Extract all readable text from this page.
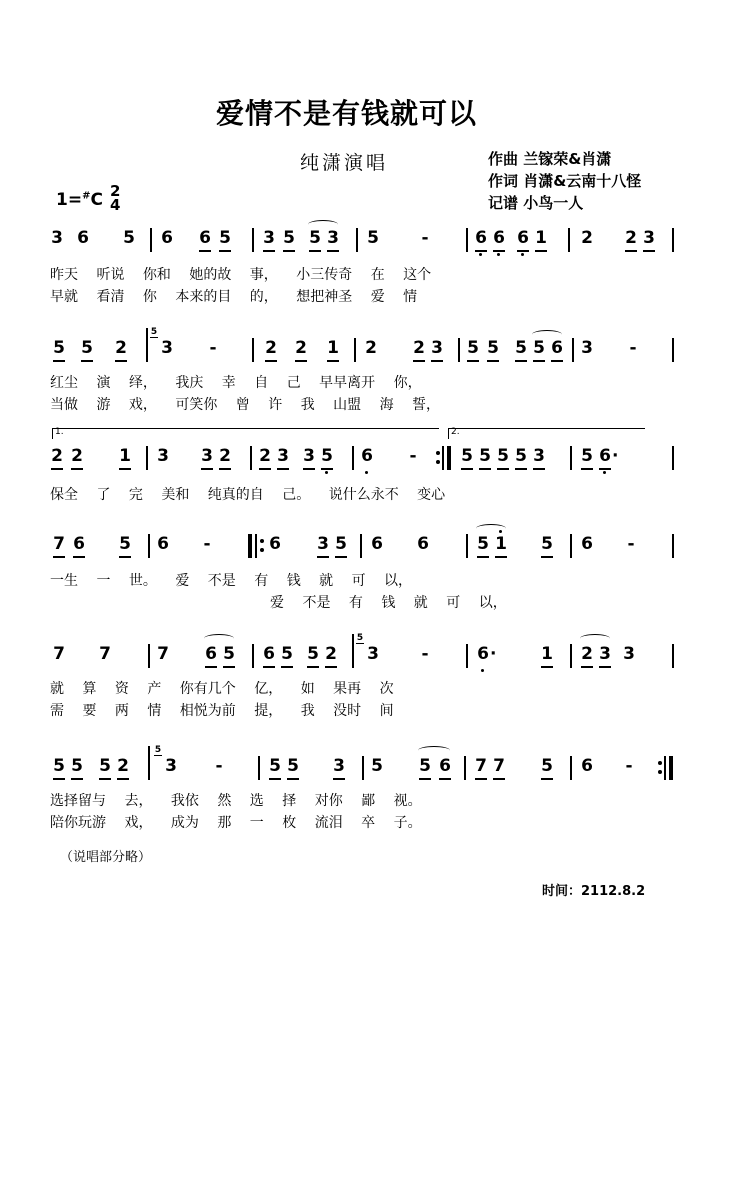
爱情不是有钱就可以
纯潇演唱	作曲 兰镓荣&肖潇
作词 肖潇&云南十八怪
记谱 小鸟一人
1=#C 2
4
3 6 5 6 6 5 3 5 5 3 5	-	6 6 6 1 2 2 3
昨天 听说 你和 她的故 事， 小三传奇 在 这个
早就 看清 你 本来的目 的， 想把神圣 爱 情
5 5 2
5
3 -	2 2 1 2 2 3 5 5 5 5 6 3 -
红尘 演 绎， 我庆 幸 自 己 早早离开 你，
当做 游 戏， 可笑你 曾 许 我 山盟 海 誓，
1.	2.
2 2 1 3 3 2 2 3 3 5 6 -	5 5 5 5 3 5 6 ·
保全 了 完 美和 纯真的自 己。 说什么永不 变心
7 6 5 6 -	6 3 5 6 6	5 1 5 6 -
一生 一 世。 爱 不是 有 钱 就 可 以，
爱 不是 有 钱 就 可 以，
7 7	7 6 5 6 5 5 2
5
3	-	6 ·	1 2 3 3
就 算 资 产 你有几个 亿， 如 果再 次
需 要 两 情 相悦为前 提， 我 没时 间
5 5 5 2
5
3 -	5 5 3 5 5 6 7 7 5 6 -
选择留与 去， 我依 然 选 择 对你 鄙 视。
陪你玩游 戏， 成为 那 一 枚 流泪 卒 子。
（说唱部分略）
时间：2112.8.2
